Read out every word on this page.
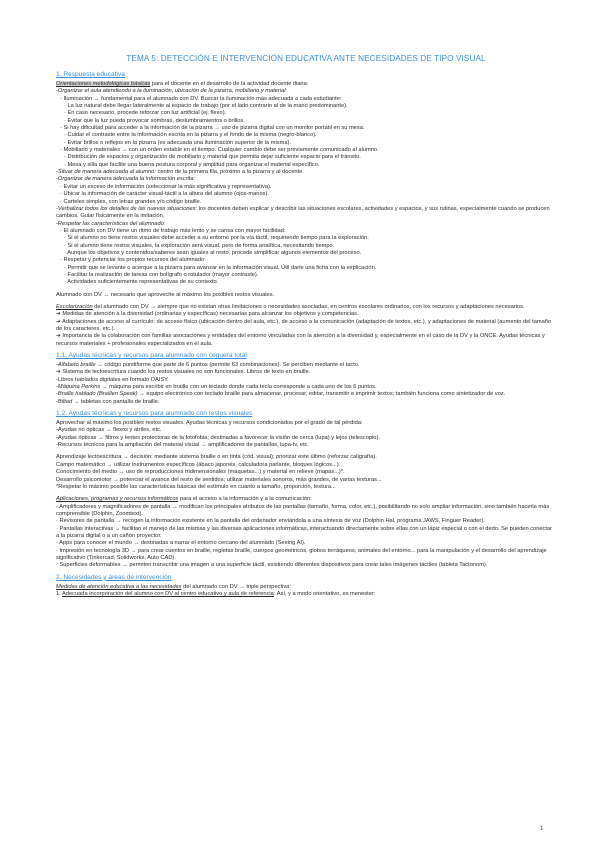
TEMA 5: DETECCIÓN E INTERVENCIÓN EDUCATIVA ANTE NECESIDADES DE TIPO VISUAL
1. Respuesta educativa

Orientaciones metodológicas básicas para el docente en el desarrollo de la actividad docente diaria:

-Organizar el aula atendiendo a la iluminación, ubicación de la pizarra, mobiliario y material:

· Iluminación → fundamental para el alumnado con DV. Buscar la iluminación más adecuada a cada estudiante:

· La luz natural debe llegar lateralmente al espacio de trabajo (por el lado contrario al de la mano predominante).

· En caso necesario, procede reforzar con luz artificial (ej. flexo).

· Evitar que la luz pueda provocar sombras, deslumbramientos o brillos.

· Si hay dificultad para acceder a la información de la pizarra → uso de pizarra digital con un monitor portátil en su mesa.

· Cuidar el contraste entre la información escrita en la pizarra y el fondo de la misma (negro-blanco).

· Evitar brillos o reflejos en la pizarra (es adecuada una iluminación superior de la misma).

· Mobiliario y materiales → con un orden estable en el tiempo. Cualquier cambio debe ser previamente comunicado al alumno.

· Distribución de espacios y organización de mobiliario y material que permita dejar suficiente espacio para el tránsito.

· Mesa y silla que facilite una buena postura corporal y amplitud para organizar el material específico.

-Situar de manera adecuada al alumno: centro de la primera fila, próximo a la pizarra y al docente.

-Organizar de manera adecuada la información escrita:

· Evitar un exceso de información (seleccionar la más significativa y representativa).

· Ubicar la información de carácter visual-táctil a la altura del alumno (ojos-manos).

· Carteles simples, con letras grandes y/o código braille.

-Verbalizar todos los detalles de las nuevas situaciones: los docentes deben explicar y describir las situaciones escolares, actividades y espacios, y sus rutinas, especialmente cuando se producen cambios. Guiar físicamente en la imitación.

-Respetar las características del alumnado:

· El alumnado con DV tiene un ritmo de trabajo más lento y se cansa con mayor facilidad:

· Si el alumno no tiene restos visuales debe acceder a su entorno por la vía táctil, requiriendo tiempo para la exploración.

· Si el alumno tiene restos visuales, la exploración será visual, pero de forma analítica, necesitando tiempo.

· Aunque los objetivos y contenidos/saberes sean iguales al resto, procede simplificar algunos elementos del proceso.

· Respetar y potenciar los propios recursos del alumnado:

· Permitir que se levante o acerque a la pizarra para avanzar en la información visual. Útil darle una ficha con la explicación.

· Facilitar la realización de tareas con bolígrafo o rotulador (mayor contraste).

· Actividades suficientemente representativas de su contexto.

Alumnado con DV → necesario que aproveche al máximo los posibles restos visuales.

Escolarización del alumnado con DV → siempre que no existan otras limitaciones o necesidades asociadas, en centros escolares ordinarios, con los recursos y adaptaciones necesarios.

➔ Medidas de atención a la diversidad (ordinarias y específicas) necesarias para alcanzar los objetivos y competencias.

➔ Adaptaciones de acceso al currículo: de acceso físico (ubicación dentro del aula, etc.), de acceso a la comunicación (adaptación de textos, etc.), y adaptaciones de material (aumento del tamaño de los caracteres, etc.).

➔ Importancia de la colaboración con familias asociaciones y entidades del entorno vinculadas con la atención a la diversidad y, especialmente en el caso de la DV y la ONCE. Ayudas técnicas y recursos materiales + profesionales especializados en el aula.

1.1. Ayudas técnicas y recursos para alumnado con ceguera total

-Alfabeto braille → código punitiforme que parte de 6 puntos (permite 63 combinaciones). Se perciben mediante el tacto.

➔ Sistema de lectoescritura cuando los restos visuales no son funcionales. Libros de texto en braille.

-Libros hablados digitales en formato DAISY.

-Máquina Perkins → máquina para escribir en braille con un teclado donde cada tecla corresponde a cada uno de los 6 puntos.

-Braille hablado (Braillen Speak) → equipo electrónico con teclado braille para almacenar, procesar, editar, transmitir e imprimir textos; también funciona como sintetizador de voz.

-Biltad → tabletas con pantalla de braille.

1.2. Ayudas técnicas y recursos para alumnado con restos visuales

Aprovechar al máximo los posibles restos visuales. Ayudas técnicas y recursos condicionados por el grado de tal pérdida:

-Ayudas no ópticas → flexos y atriles, etc.

-Ayudas ópticas → filtros y lentes protectoras de la fotofobia; destinadas a favorecer la visión de cerca (lupa) y lejos (telescopio).

-Recursos técnicos para la ampliación del material visual → amplificadores de pantallas, lupa-tv, etc.

Aprendizaje lectoescritura → decisión: mediante sistema braille o en tinta (cód. visual); priorizar este último (reforzar caligrafía).

Campo matemático → utilizar instrumentos específicos (ábaco japonés, calculadora parlante, bloques lógicos...).

Conocimiento del medio → uso de reproducciones tridimensionales (maquetas...) y material en relieve (mapas...)*.

Desarrollo psicomotor → potenciar el avance del resto de sentidos; utilizar materiales sonoros, más grandes, de varias texturas...

*Respetar lo máximo posible las características básicas del estímulo en cuanto a tamaño, proporción, textura...

Aplicaciones, programas y recursos informáticos para el acceso a la información y a la comunicación:

· Amplificadores y magnificadores de pantalla → modifican los principales atributos de las pantallas (tamaño, forma, color, etc.), posibilitando no solo ampliar información, sino también hacerla más comprensible (Dolphin, Zoomtext).

· Revisores de pantalla → recogen la información existente en la pantalla del ordenador enviándola a una síntesis de voz (Dolphin Hal, programa JAWS, Finguer Reader).

· Pantallas interactivas → facilitan el manejo de las mismas y las diversas aplicaciones informáticas, interactuando directamente sobre ellas con un lápiz especial o con el dedo. Se pueden conectar a la pizarra digital o a un cañón proyector.

· Apps para conocer el mundo → destinadas a narrar el entorno cercano del alumnado (Seeing AI).

· Impresión en tecnología 3D → para crear cuentos en braille, regletas braille, cuerpos geométricos, globos terráqueos, animales del entorno... para la manipulación y el desarrollo del aprendizaje significativo (Tinkercad, Solidworks, Auto CAD).

· Superficies deformables → permiten transcribir una imagen a una superficie táctil, existiendo diferentes dispositivos para crear tales imágenes táctiles (tableta Tactonom).

2. Necesidades y áreas de intervención

Medidas de atención educativa a las necesidades del alumnado con DV → triple perspectiva:

1. Adecuada incorporación del alumno con DV al centro educativo y aula de referencia: Así, y a modo orientativo, es menester:

1
